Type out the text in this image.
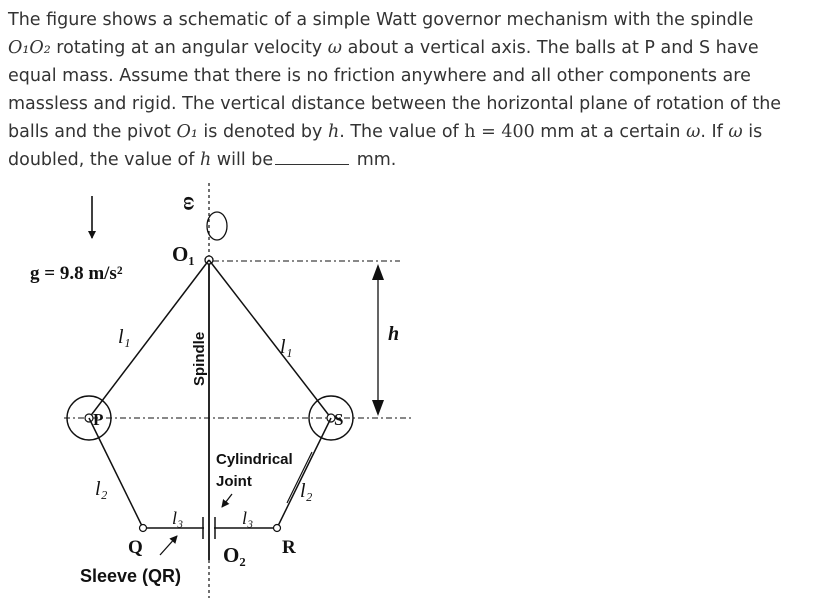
The figure shows a schematic of a simple Watt governor mechanism with the spindle
O₁O₂ rotating at an angular velocity ω about a vertical axis. The balls at P and S have
equal mass. Assume that there is no friction anywhere and all other components are
massless and rigid. The vertical distance between the horizontal plane of rotation of the
balls and the pivot O₁ is denoted by h. The value of h = 400 mm at a certain ω. If ω is
doubled, the value of h will be	mm.
g = 9.8 m/s²
ω
O₁
l₁	l₁
Spindle
P	S
h
l₂	l₂
l₃	l₃
Cylindrical
Joint
Q	R
O₂
Sleeve (QR)
